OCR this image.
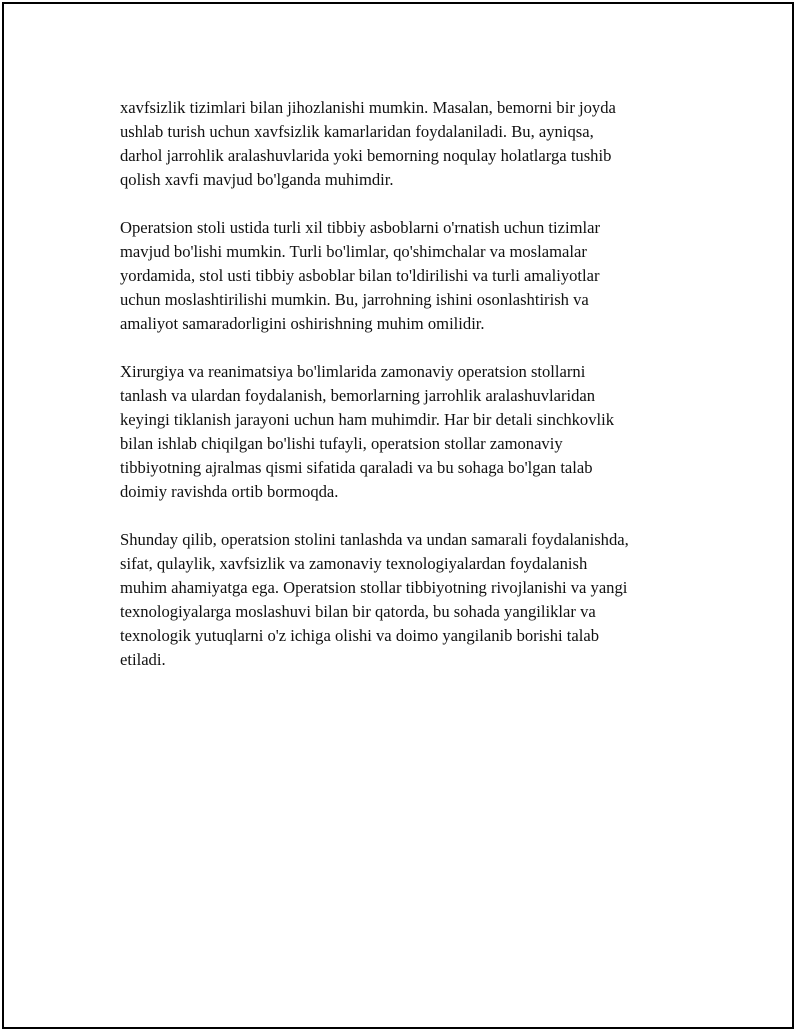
xavfsizlik tizimlari bilan jihozlanishi mumkin. Masalan, bemorni bir joyda
ushlab turish uchun xavfsizlik kamarlaridan foydalaniladi. Bu, ayniqsa,
darhol jarrohlik aralashuvlarida yoki bemorning noqulay holatlarga tushib
qolish xavfi mavjud bo'lganda muhimdir.

Operatsion stoli ustida turli xil tibbiy asboblarni o'rnatish uchun tizimlar
mavjud bo'lishi mumkin. Turli bo'limlar, qo'shimchalar va moslamalar
yordamida, stol usti tibbiy asboblar bilan to'ldirilishi va turli amaliyotlar
uchun moslashtirilishi mumkin. Bu, jarrohning ishini osonlashtirish va
amaliyot samaradorligini oshirishning muhim omilidir.

Xirurgiya va reanimatsiya bo'limlarida zamonaviy operatsion stollarni
tanlash va ulardan foydalanish, bemorlarning jarrohlik aralashuvlaridan
keyingi tiklanish jarayoni uchun ham muhimdir. Har bir detali sinchkovlik
bilan ishlab chiqilgan bo'lishi tufayli, operatsion stollar zamonaviy
tibbiyotning ajralmas qismi sifatida qaraladi va bu sohaga bo'lgan talab
doimiy ravishda ortib bormoqda.

Shunday qilib, operatsion stolini tanlashda va undan samarali foydalanishda,
sifat, qulaylik, xavfsizlik va zamonaviy texnologiyalardan foydalanish
muhim ahamiyatga ega. Operatsion stollar tibbiyotning rivojlanishi va yangi
texnologiyalarga moslashuvi bilan bir qatorda, bu sohada yangiliklar va
texnologik yutuqlarni o'z ichiga olishi va doimo yangilanib borishi talab
etiladi.
